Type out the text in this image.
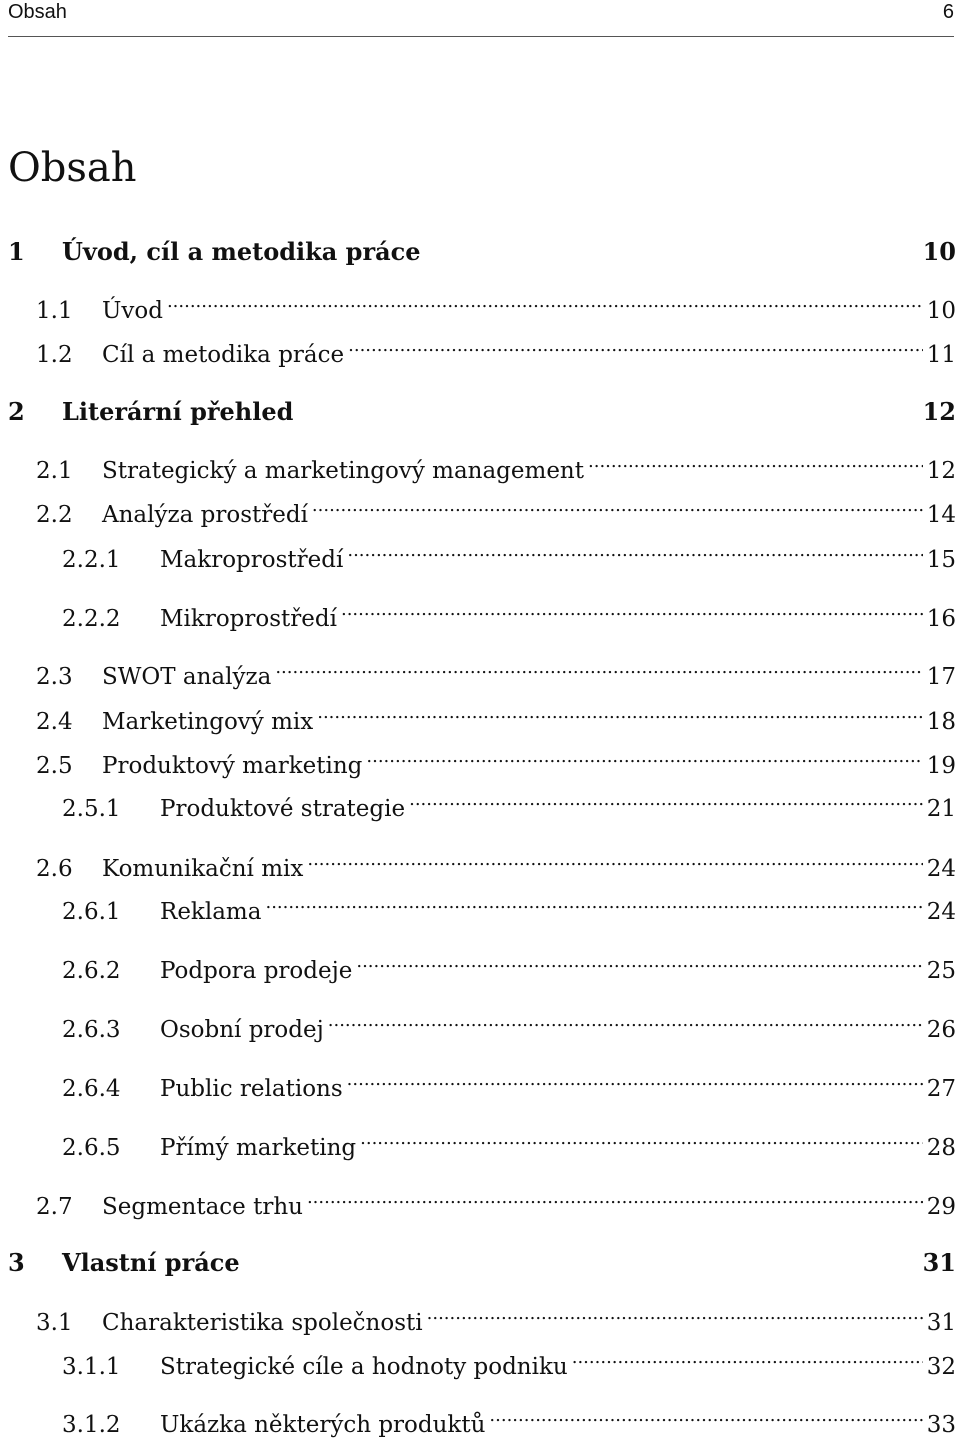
Obsah	6
Obsah
1	Úvod, cíl a metodika práce	10
1.1	Úvod .....	10
1.2	Cíl a metodika práce .....	11
2	Literární přehled	12
2.1	Strategický a marketingový management .....	12
2.2	Analýza prostředí .....	14
2.2.1	Makroprostředí .....	15
2.2.2	Mikroprostředí .....	16
2.3	SWOT analýza .....	17
2.4	Marketingový mix .....	18
2.5	Produktový marketing .....	19
2.5.1	Produktové strategie .....	21
2.6	Komunikační mix .....	24
2.6.1	Reklama .....	24
2.6.2	Podpora prodeje .....	25
2.6.3	Osobní prodej .....	26
2.6.4	Public relations .....	27
2.6.5	Přímý marketing .....	28
2.7	Segmentace trhu .....	29
3	Vlastní práce	31
3.1	Charakteristika společnosti .....	31
3.1.1	Strategické cíle a hodnoty podniku .....	32
3.1.2	Ukázka některých produktů .....	33
